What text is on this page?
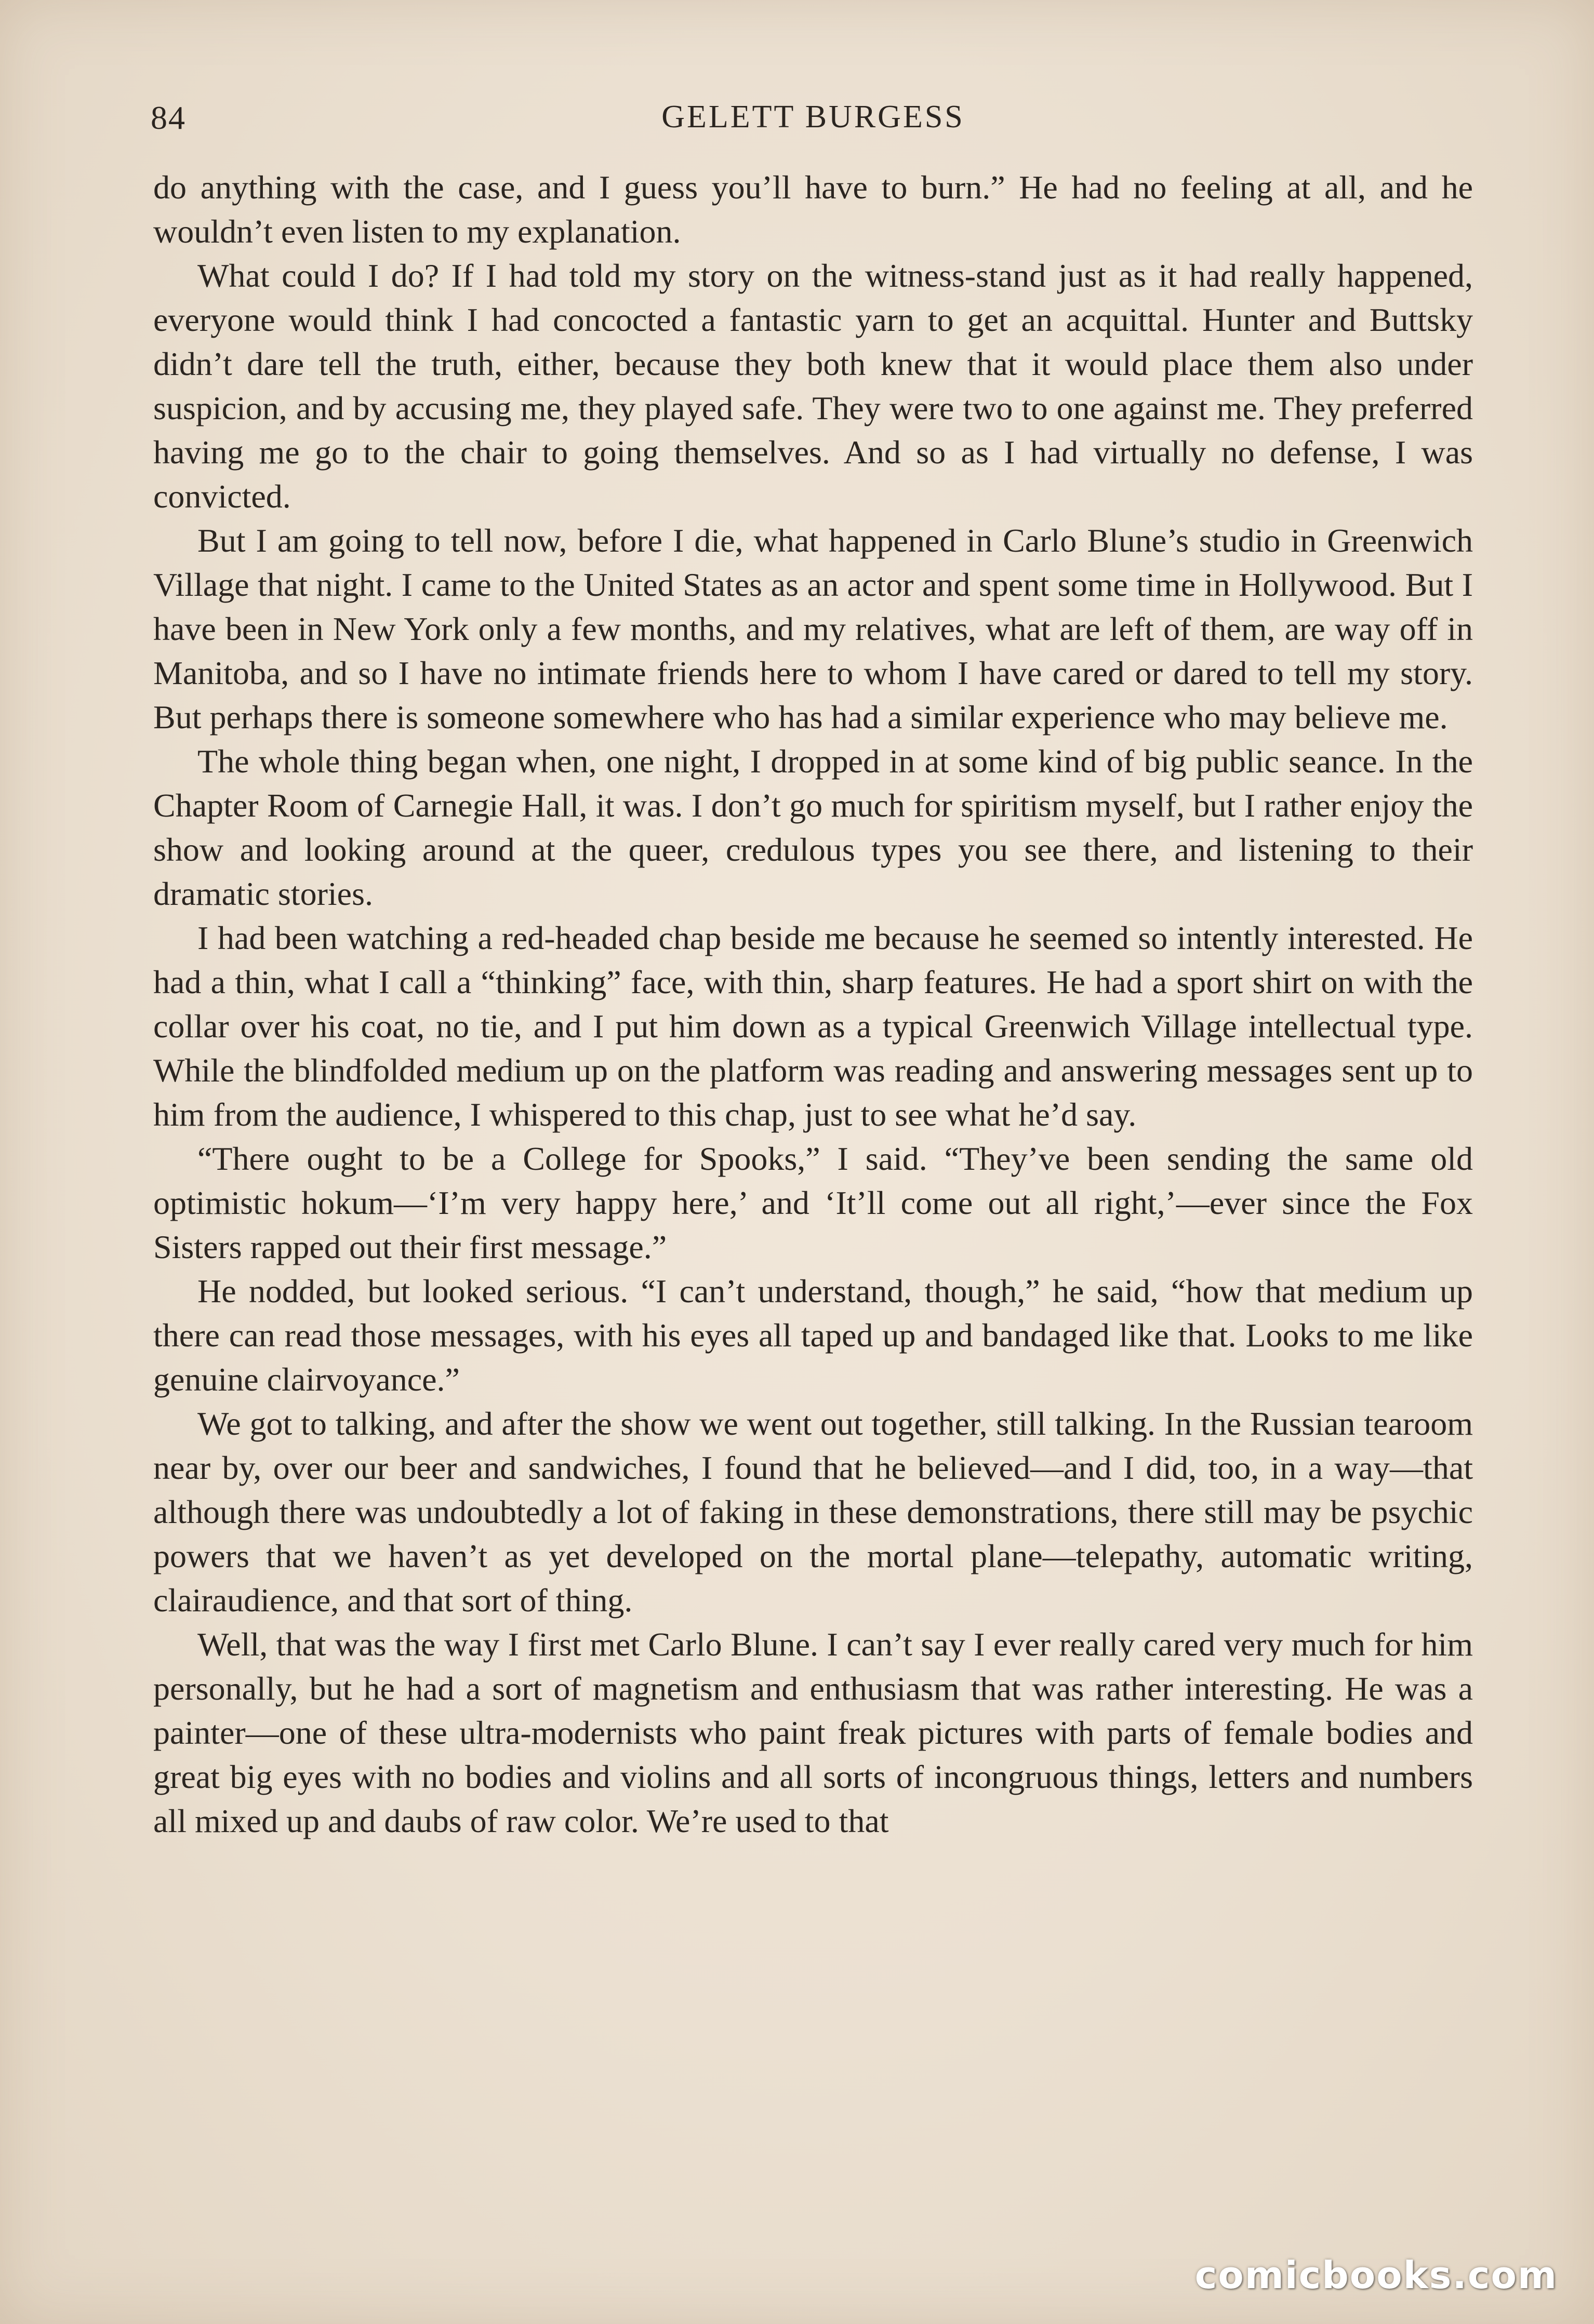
84	GELETT BURGESS

do anything with the case, and I guess you’ll have to burn.” He had no feeling at all, and he wouldn’t even listen to my explanation.

What could I do? If I had told my story on the witness-stand just as it had really happened, everyone would think I had concocted a fantastic yarn to get an acquittal. Hunter and Buttsky didn’t dare tell the truth, either, because they both knew that it would place them also under suspicion, and by accusing me, they played safe. They were two to one against me. They preferred having me go to the chair to going themselves. And so as I had virtually no defense, I was convicted.

But I am going to tell now, before I die, what happened in Carlo Blune’s studio in Greenwich Village that night. I came to the United States as an actor and spent some time in Hollywood. But I have been in New York only a few months, and my relatives, what are left of them, are way off in Manitoba, and so I have no intimate friends here to whom I have cared or dared to tell my story. But perhaps there is someone somewhere who has had a similar experience who may believe me.

The whole thing began when, one night, I dropped in at some kind of big public seance. In the Chapter Room of Carnegie Hall, it was. I don’t go much for spiritism myself, but I rather enjoy the show and looking around at the queer, credulous types you see there, and listening to their dramatic stories.

I had been watching a red-headed chap beside me because he seemed so intently interested. He had a thin, what I call a “thinking” face, with thin, sharp features. He had a sport shirt on with the collar over his coat, no tie, and I put him down as a typical Greenwich Village intellectual type. While the blindfolded medium up on the platform was reading and answering messages sent up to him from the audience, I whispered to this chap, just to see what he’d say.

“There ought to be a College for Spooks,” I said. “They’ve been sending the same old optimistic hokum—‘I’m very happy here,’ and ‘It’ll come out all right,’—ever since the Fox Sisters rapped out their first message.”

He nodded, but looked serious. “I can’t understand, though,” he said, “how that medium up there can read those messages, with his eyes all taped up and bandaged like that. Looks to me like genuine clairvoyance.”

We got to talking, and after the show we went out together, still talking. In the Russian tearoom near by, over our beer and sandwiches, I found that he believed—and I did, too, in a way—that although there was undoubtedly a lot of faking in these demonstrations, there still may be psychic powers that we haven’t as yet developed on the mortal plane—telepathy, automatic writing, clairaudience, and that sort of thing.

Well, that was the way I first met Carlo Blune. I can’t say I ever really cared very much for him personally, but he had a sort of magnetism and enthusiasm that was rather interesting. He was a painter—one of these ultra-modernists who paint freak pictures with parts of female bodies and great big eyes with no bodies and violins and all sorts of incongruous things, letters and numbers all mixed up and daubs of raw color. We’re used to that

comicbooks.com
